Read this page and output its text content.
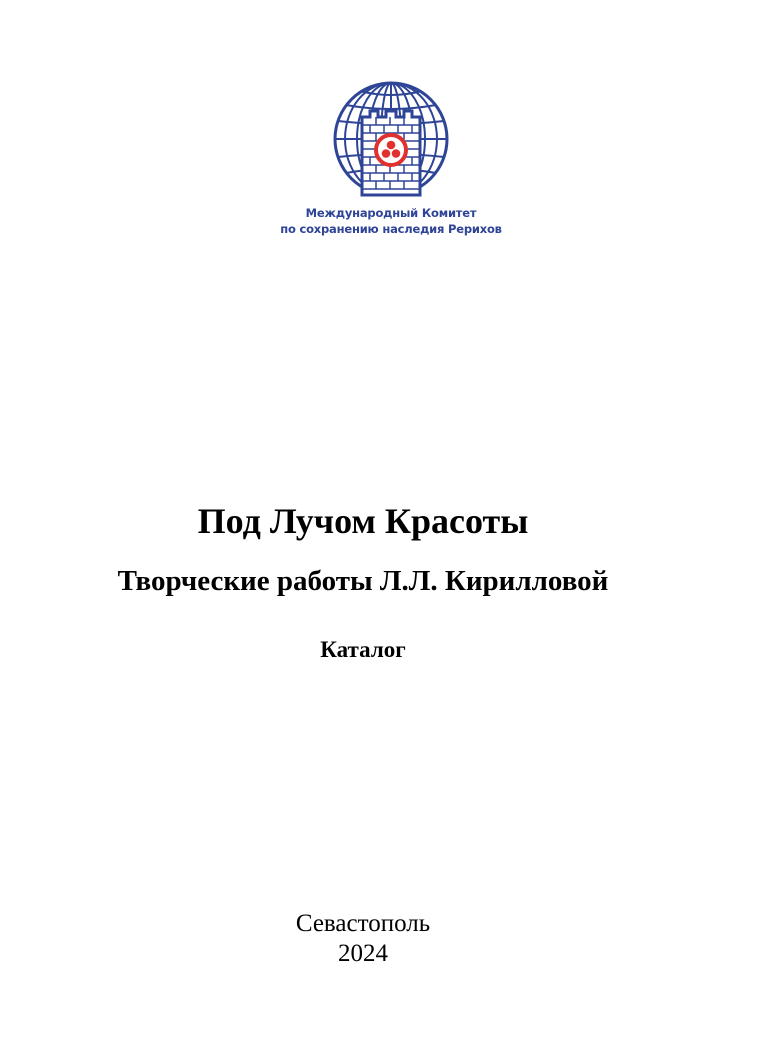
Международный Комитет
по сохранению наследия Рерихов
Под Лучом Красоты
Творческие работы Л.Л. Кирилловой
Каталог
Севастополь
2024
